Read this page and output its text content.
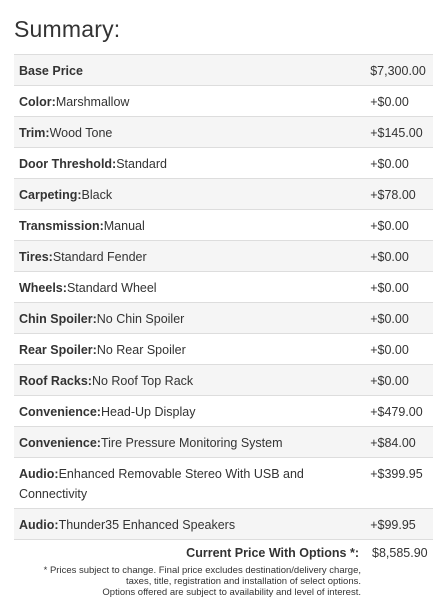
Summary:
Base Price	$7,300.00
Color:Marshmallow	+$0.00
Trim:Wood Tone	+$145.00
Door Threshold:Standard	+$0.00
Carpeting:Black	+$78.00
Transmission:Manual	+$0.00
Tires:Standard Fender	+$0.00
Wheels:Standard Wheel	+$0.00
Chin Spoiler:No Chin Spoiler	+$0.00
Rear Spoiler:No Rear Spoiler	+$0.00
Roof Racks:No Roof Top Rack	+$0.00
Convenience:Head-Up Display	+$479.00
Convenience:Tire Pressure Monitoring System	+$84.00
Audio:Enhanced Removable Stereo With USB and Connectivity	+$399.95
Audio:Thunder35 Enhanced Speakers	+$99.95
Current Price With Options *: $8,585.90
* Prices subject to change. Final price excludes destination/delivery charge,
taxes, title, registration and installation of select options.
Options offered are subject to availability and level of interest.
